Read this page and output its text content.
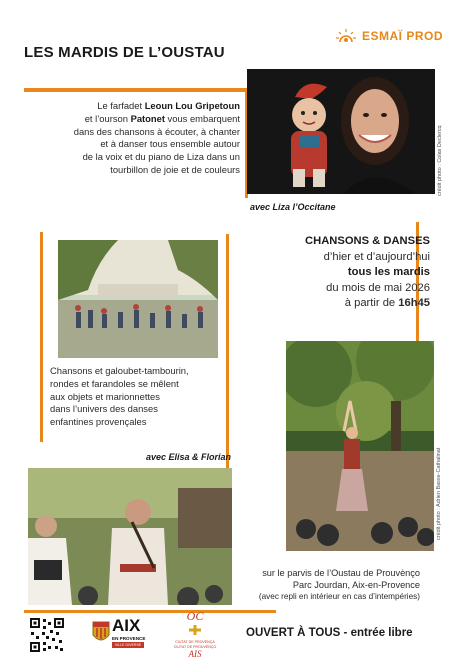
LES MARDIS DE L’OUSTAU
ESMAÏ PROD
crédit photo : Colas Declercq
Le farfadet Leoun Lou Gripetoun
et l’ourson Patonet vous embarquent
dans des chansons à écouter, à chanter
et à danser tous ensemble autour
de la voix et du piano de Liza dans un
tourbillon de joie et de couleurs
avec Liza l’Occitane
CHANSONS & DANSES
d’hier et d’aujourd’hui
tous les mardis
du mois de mai 2026
à partir de 16h45
Chansons et galoubet-tambourin,
rondes et farandoles se mêlent
aux objets et marionnettes
dans l’univers des danses
enfantines provençales
avec Elisa & Florian	crédit photo : Adrien Basse-Cathalinat
sur le parvis de l’Oustau de Prouvènço
Parc Jourdan, Aix-en-Provence
(avec repli en intérieur en cas d’intempéries)
AIX
EN PROVENCE
VILLE DIVERSE
OC
CIUTAT DE PROVENÇA
CIUTAT DE PROUVÈNÇO
AIS
OUVERT À TOUS - entrée libre
